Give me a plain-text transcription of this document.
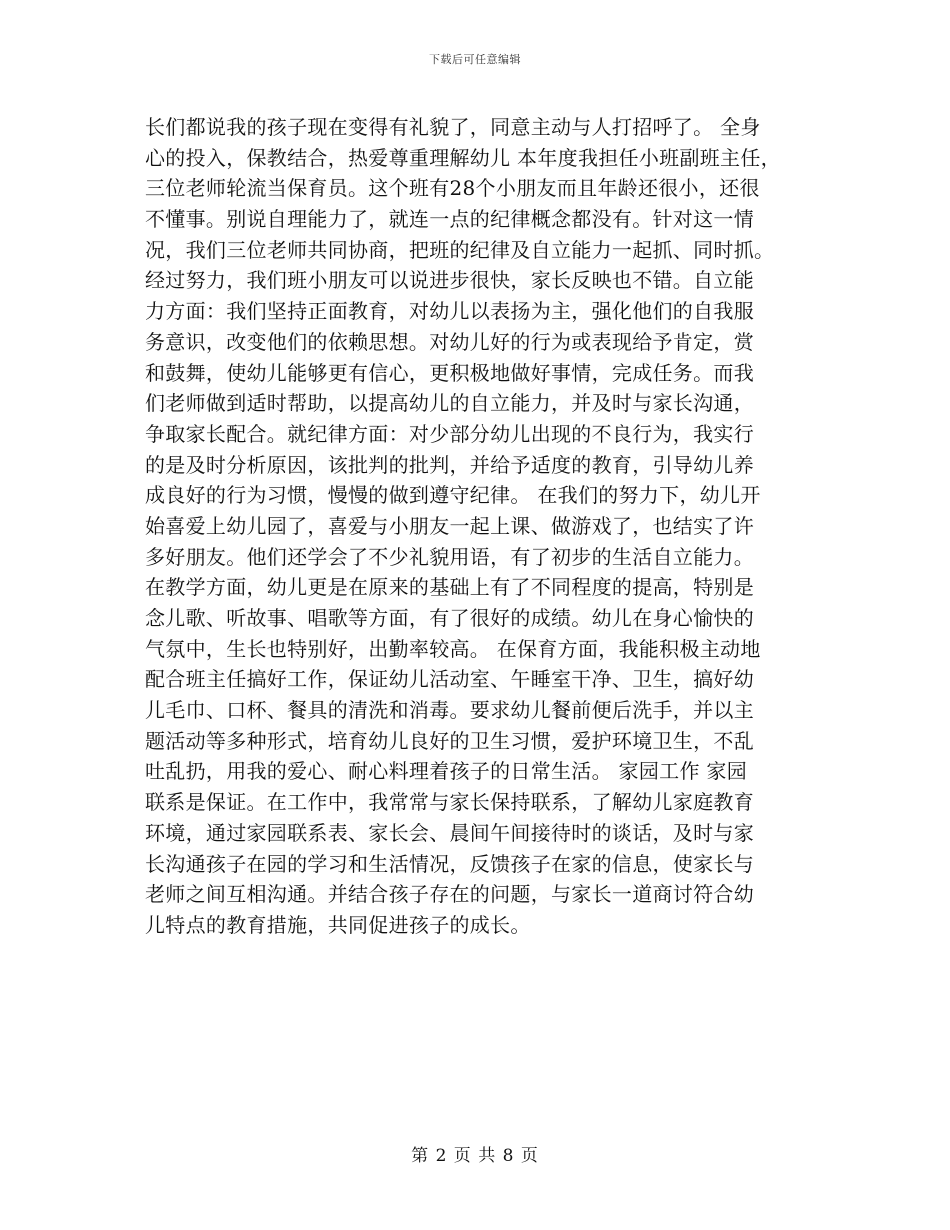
下载后可任意编辑
长们都说我的孩子现在变得有礼貌了，同意主动与人打招呼了。 全身
心的投入，保教结合，热爱尊重理解幼儿 本年度我担任小班副班主任，
三位老师轮流当保育员。这个班有28个小朋友而且年龄还很小，还很
不懂事。别说自理能力了，就连一点的纪律概念都没有。针对这一情
况，我们三位老师共同协商，把班的纪律及自立能力一起抓、同时抓。
经过努力，我们班小朋友可以说进步很快，家长反映也不错。自立能
力方面：我们坚持正面教育，对幼儿以表扬为主，强化他们的自我服
务意识，改变他们的依赖思想。对幼儿好的行为或表现给予肯定，赏
和鼓舞，使幼儿能够更有信心，更积极地做好事情，完成任务。而我
们老师做到适时帮助，以提高幼儿的自立能力，并及时与家长沟通，
争取家长配合。就纪律方面：对少部分幼儿出现的不良行为，我实行
的是及时分析原因，该批判的批判，并给予适度的教育，引导幼儿养
成良好的行为习惯，慢慢的做到遵守纪律。 在我们的努力下，幼儿开
始喜爱上幼儿园了，喜爱与小朋友一起上课、做游戏了，也结实了许
多好朋友。他们还学会了不少礼貌用语，有了初步的生活自立能力。
在教学方面，幼儿更是在原来的基础上有了不同程度的提高，特别是
念儿歌、听故事、唱歌等方面，有了很好的成绩。幼儿在身心愉快的
气氛中，生长也特别好，出勤率较高。 在保育方面，我能积极主动地
配合班主任搞好工作，保证幼儿活动室、午睡室干净、卫生，搞好幼
儿毛巾、口杯、餐具的清洗和消毒。要求幼儿餐前便后洗手，并以主
题活动等多种形式，培育幼儿良好的卫生习惯，爱护环境卫生，不乱
吐乱扔，用我的爱心、耐心料理着孩子的日常生活。 家园工作 家园
联系是保证。在工作中，我常常与家长保持联系，了解幼儿家庭教育
环境，通过家园联系表、家长会、晨间午间接待时的谈话，及时与家
长沟通孩子在园的学习和生活情况，反馈孩子在家的信息，使家长与
老师之间互相沟通。并结合孩子存在的问题，与家长一道商讨符合幼
儿特点的教育措施，共同促进孩子的成长。
第 2 页 共 8 页
